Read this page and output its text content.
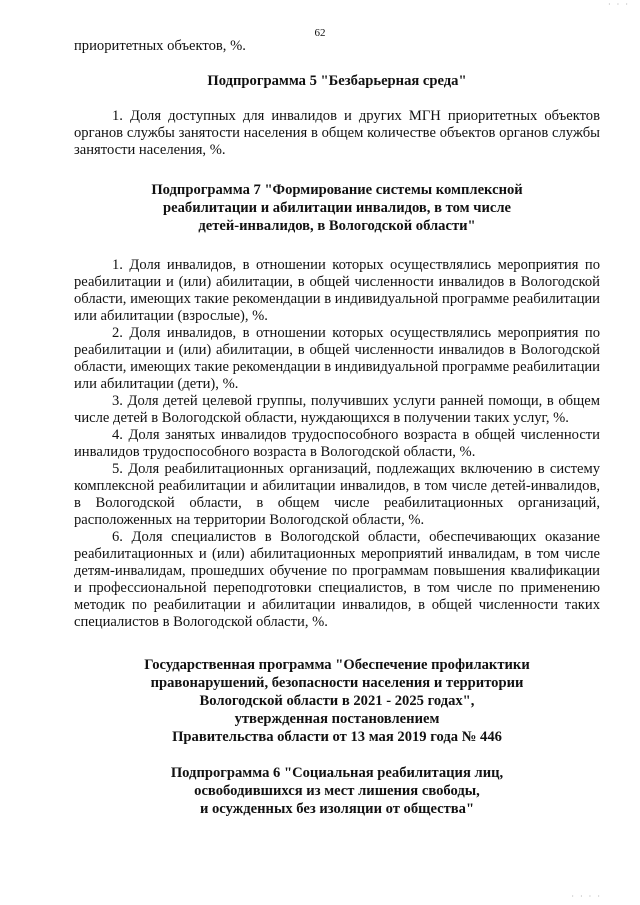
62

приоритетных объектов, %.

Подпрограмма 5 "Безбарьерная среда"

1. Доля доступных для инвалидов и других МГН приоритетных объектов органов службы занятости населения в общем количестве объектов органов службы занятости населения, %.

Подпрограмма 7 "Формирование системы комплексной
реабилитации и абилитации инвалидов, в том числе
детей-инвалидов, в Вологодской области"

1. Доля инвалидов, в отношении которых осуществлялись мероприятия по реабилитации и (или) абилитации, в общей численности инвалидов в Вологодской области, имеющих такие рекомендации в индивидуальной программе реабилитации или абилитации (взрослые), %.

2. Доля инвалидов, в отношении которых осуществлялись мероприятия по реабилитации и (или) абилитации, в общей численности инвалидов в Вологодской области, имеющих такие рекомендации в индивидуальной программе реабилитации или абилитации (дети), %.

3. Доля детей целевой группы, получивших услуги ранней помощи, в общем числе детей в Вологодской области, нуждающихся в получении таких услуг, %.

4. Доля занятых инвалидов трудоспособного возраста в общей численности инвалидов трудоспособного возраста в Вологодской области, %.

5. Доля реабилитационных организаций, подлежащих включению в систему комплексной реабилитации и абилитации инвалидов, в том числе детей-инвалидов, в Вологодской области, в общем числе реабилитационных организаций, расположенных на территории Вологодской области, %.

6. Доля специалистов в Вологодской области, обеспечивающих оказание реабилитационных и (или) абилитационных мероприятий инвалидам, в том числе детям-инвалидам, прошедших обучение по программам повышения квалификации и профессиональной переподготовки специалистов, в том числе по применению методик по реабилитации и абилитации инвалидов, в общей численности таких специалистов в Вологодской области, %.

Государственная программа "Обеспечение профилактики
правонарушений, безопасности населения и территории
Вологодской области в 2021 - 2025 годах",
утвержденная постановлением
Правительства области от 13 мая 2019 года № 446
Подпрограмма 6 "Социальная реабилитация лиц,
освободившихся из мест лишения свободы,
и осужденных без изоляции от общества"
· · ·
· · · ·
